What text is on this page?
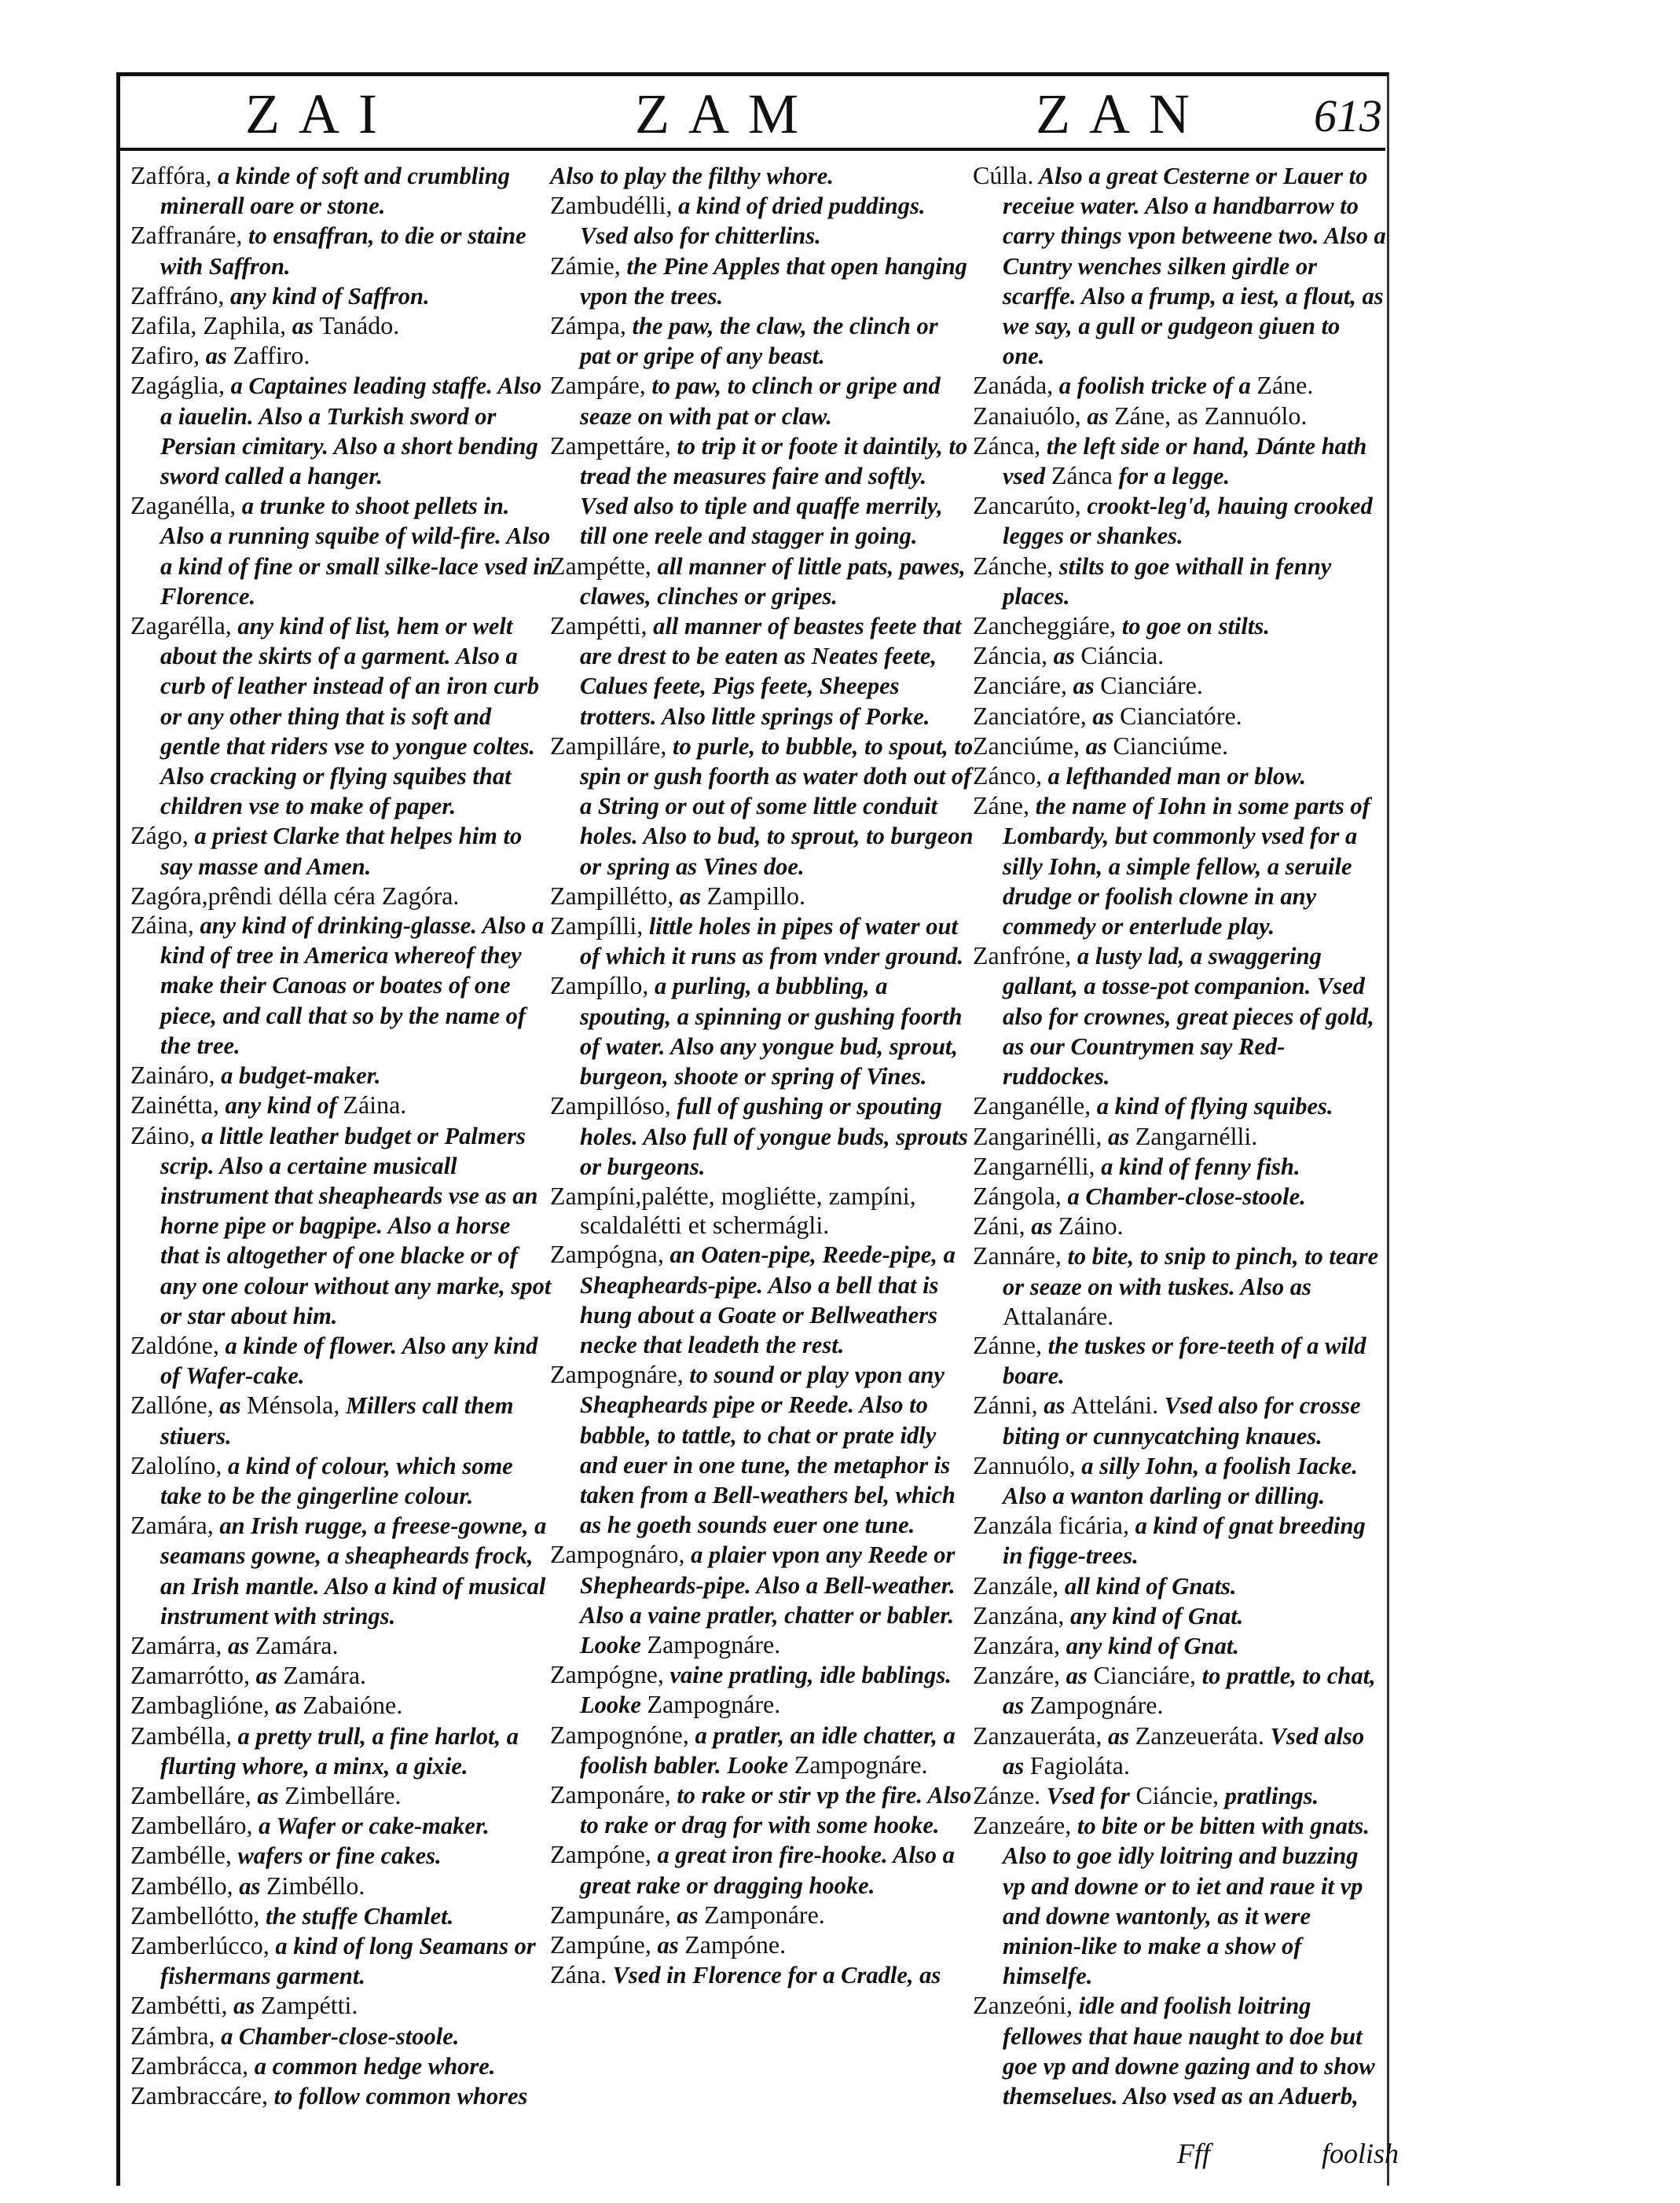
ZAI	ZAM	ZAN 613

Zaffóra, a kinde of soft and crumbling minerall oare or stone.

Zaffranáre, to ensaffran, to die or staine with Saffron.

Zaffráno, any kind of Saffron.

Zafila, Zaphila, as Tanádo.

Zafiro, as Zaffiro.

Zagáglia, a Captaines leading staffe. Also a iauelin. Also a Turkish sword or Persian cimitary. Also a short bending sword called a hanger.

Zaganélla, a trunke to shoot pellets in. Also a running squibe of wild-fire. Also a kind of fine or small silke-lace vsed in Florence.

Zagarélla, any kind of list, hem or welt about the skirts of a garment. Also a curb of leather instead of an iron curb or any other thing that is soft and gentle that riders vse to yongue coltes. Also cracking or flying squibes that children vse to make of paper.

Zágo, a priest Clarke that helpes him to say masse and Amen.

Zagóra,prêndi délla céra Zagóra.

Záina, any kind of drinking-glasse. Also a kind of tree in America whereof they make their Canoas or boates of one piece, and call that so by the name of the tree.

Zaináro, a budget-maker.

Zainétta, any kind of Záina.

Záino, a little leather budget or Palmers scrip. Also a certaine musicall instrument that sheapheards vse as an horne pipe or bagpipe. Also a horse that is altogether of one blacke or of any one colour without any marke, spot or star about him.

Zaldóne, a kinde of flower. Also any kind of Wafer-cake.

Zallóne, as Ménsola, Millers call them stiuers.

Zalolíno, a kind of colour, which some take to be the gingerline colour.

Zamára, an Irish rugge, a freese-gowne, a seamans gowne, a sheapheards frock, an Irish mantle. Also a kind of musical instrument with strings.

Zamárra, as Zamára.

Zamarrótto, as Zamára.

Zambaglióne, as Zabaióne.

Zambélla, a pretty trull, a fine harlot, a flurting whore, a minx, a gixie.

Zambelláre, as Zimbelláre.

Zambelláro, a Wafer or cake-maker.

Zambélle, wafers or fine cakes.

Zambéllo, as Zimbéllo.

Zambellótto, the stuffe Chamlet.

Zamberlúcco, a kind of long Seamans or fishermans garment.

Zambétti, as Zampétti.

Zámbra, a Chamber-close-stoole.

Zambrácca, a common hedge whore.

Zambraccáre, to follow common whores

Also to play the filthy whore.

Zambudélli, a kind of dried puddings. Vsed also for chitterlins.

Zámie, the Pine Apples that open hanging vpon the trees.

Zámpa, the paw, the claw, the clinch or pat or gripe of any beast.

Zampáre, to paw, to clinch or gripe and seaze on with pat or claw.

Zampettáre, to trip it or foote it daintily, to tread the measures faire and softly. Vsed also to tiple and quaffe merrily, till one reele and stagger in going.

Zampétte, all manner of little pats, pawes, clawes, clinches or gripes.

Zampétti, all manner of beastes feete that are drest to be eaten as Neates feete, Calues feete, Pigs feete, Sheepes trotters. Also little springs of Porke.

Zampilláre, to purle, to bubble, to spout, to spin or gush foorth as water doth out of a String or out of some little conduit holes. Also to bud, to sprout, to burgeon or spring as Vines doe.

Zampillétto, as Zampillo.

Zampílli, little holes in pipes of water out of which it runs as from vnder ground.

Zampíllo, a purling, a bubbling, a spouting, a spinning or gushing foorth of water. Also any yongue bud, sprout, burgeon, shoote or spring of Vines.

Zampillóso, full of gushing or spouting holes. Also full of yongue buds, sprouts or burgeons.

Zampíni,palétte, mogliétte, zampíni, scaldalétti et schermágli.

Zampógna, an Oaten-pipe, Reede-pipe, a Sheapheards-pipe. Also a bell that is hung about a Goate or Bellweathers necke that leadeth the rest.

Zampognáre, to sound or play vpon any Sheapheards pipe or Reede. Also to babble, to tattle, to chat or prate idly and euer in one tune, the metaphor is taken from a Bell-weathers bel, which as he goeth sounds euer one tune.

Zampognáro, a plaier vpon any Reede or Shepheards-pipe. Also a Bell-weather. Also a vaine pratler, chatter or babler. Looke Zampognáre.

Zampógne, vaine pratling, idle bablings. Looke Zampognáre.

Zampognóne, a pratler, an idle chatter, a foolish babler. Looke Zampognáre.

Zamponáre, to rake or stir vp the fire. Also to rake or drag for with some hooke.

Zampóne, a great iron fire-hooke. Also a great rake or dragging hooke.

Zampunáre, as Zamponáre.

Zampúne, as Zampóne.

Zána. Vsed in Florence for a Cradle, as

Cúlla. Also a great Cesterne or Lauer to receiue water. Also a handbarrow to carry things vpon betweene two. Also a Cuntry wenches silken girdle or scarffe. Also a frump, a iest, a flout, as we say, a gull or gudgeon giuen to one.

Zanáda, a foolish tricke of a Záne.

Zanaiuólo, as Záne, as Zannuólo.

Zánca, the left side or hand, Dánte hath vsed Zánca for a legge.

Zancarúto, crookt-leg'd, hauing crooked legges or shankes.

Zánche, stilts to goe withall in fenny places.

Zancheggiáre, to goe on stilts.

Záncia, as Ciáncia.

Zanciáre, as Cianciáre.

Zanciatóre, as Cianciatóre.

Zanciúme, as Cianciúme.

Zánco, a lefthanded man or blow.

Záne, the name of Iohn in some parts of Lombardy, but commonly vsed for a silly Iohn, a simple fellow, a seruile drudge or foolish clowne in any commedy or enterlude play.

Zanfróne, a lusty lad, a swaggering gallant, a tosse-pot companion. Vsed also for crownes, great pieces of gold, as our Countrymen say Red-ruddockes.

Zanganélle, a kind of flying squibes.

Zangarinélli, as Zangarnélli.

Zangarnélli, a kind of fenny fish.

Zángola, a Chamber-close-stoole.

Záni, as Záino.

Zannáre, to bite, to snip to pinch, to teare or seaze on with tuskes. Also as Attalanáre.

Zánne, the tuskes or fore-teeth of a wild boare.

Zánni, as Atteláni. Vsed also for crosse biting or cunnycatching knaues.

Zannuólo, a silly Iohn, a foolish Iacke. Also a wanton darling or dilling.

Zanzála ficária, a kind of gnat breeding in figge-trees.

Zanzále, all kind of Gnats.

Zanzána, any kind of Gnat.

Zanzára, any kind of Gnat.

Zanzáre, as Cianciáre, to prattle, to chat, as Zampognáre.

Zanzaueráta, as Zanzeueráta. Vsed also as Fagioláta.

Zánze. Vsed for Ciáncie, pratlings.

Zanzeáre, to bite or be bitten with gnats. Also to goe idly loitring and buzzing vp and downe or to iet and raue it vp and downe wantonly, as it were minion-like to make a show of himselfe.

Zanzeóni, idle and foolish loitring fellowes that haue naught to doe but goe vp and downe gazing and to show themselues. Also vsed as an Aduerb,

Fff	foolish
